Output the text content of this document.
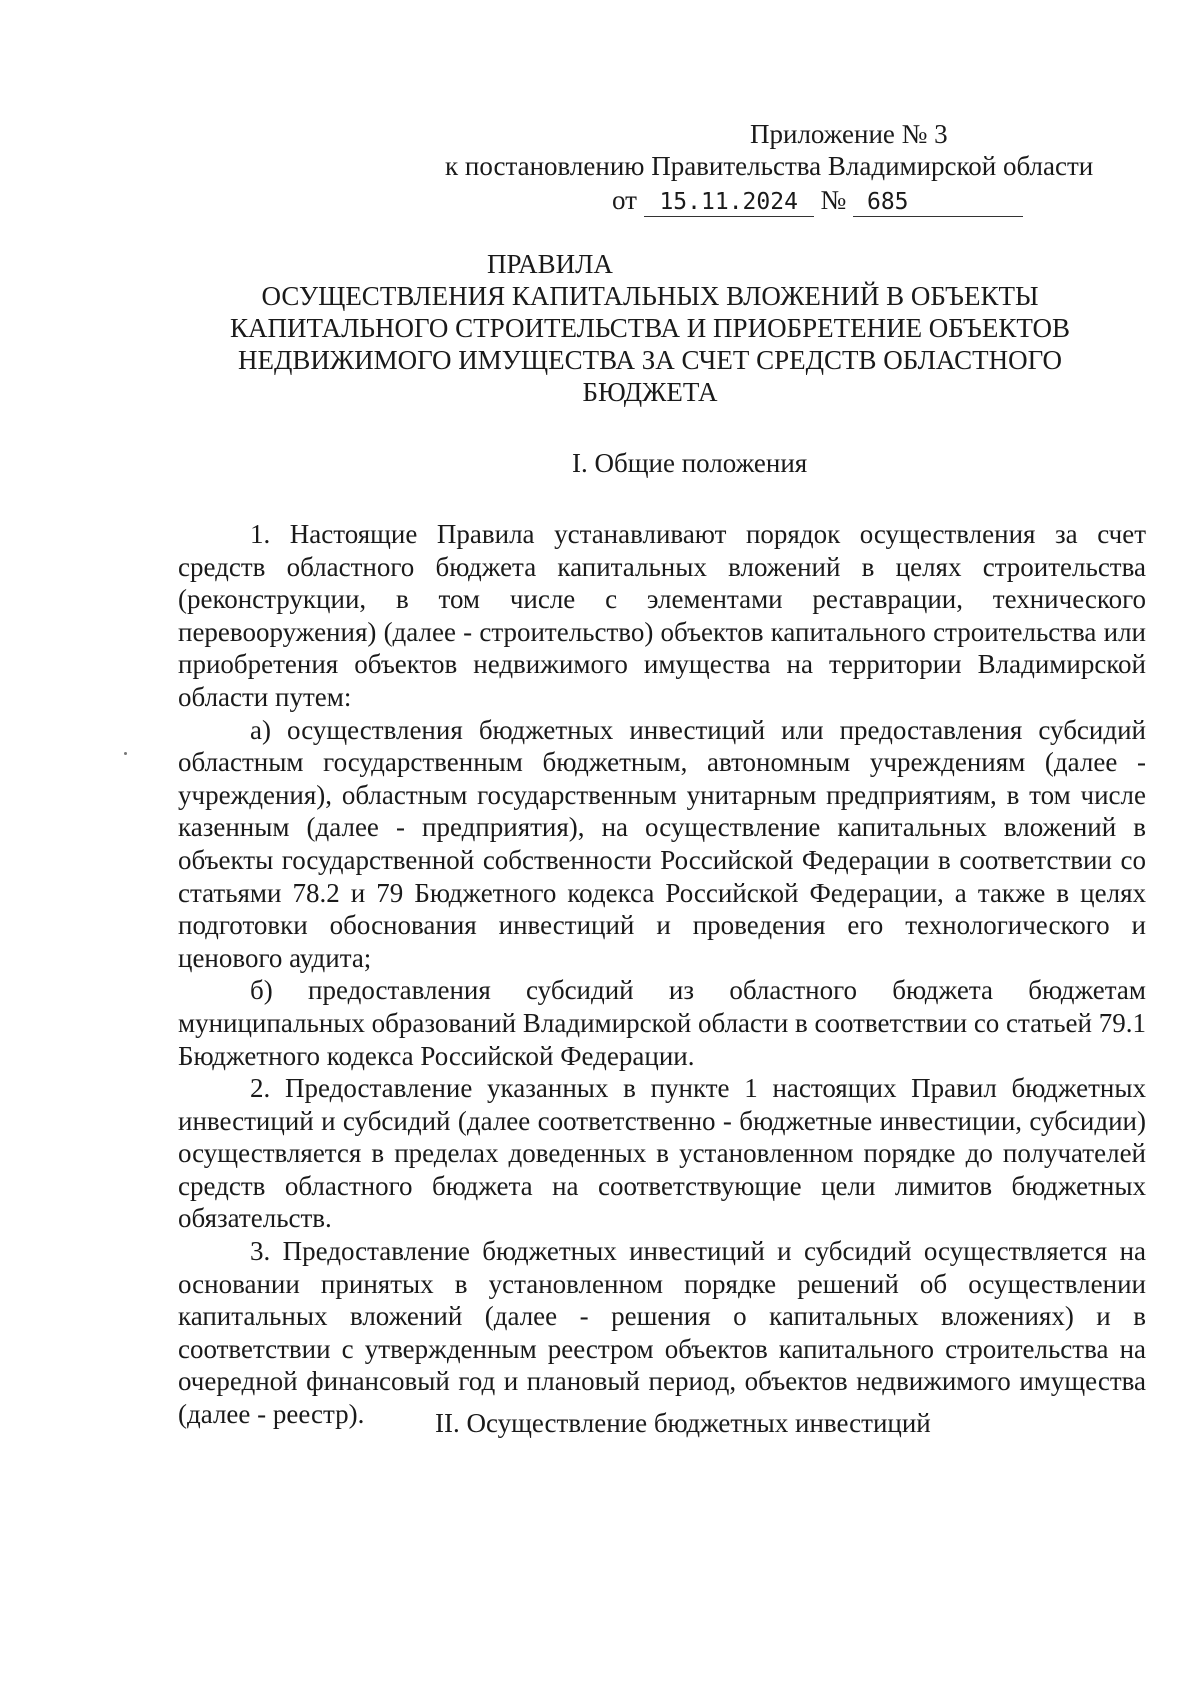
Приложение № 3
к постановлению Правительства Владимирской области
от 15.11.2024 № 685
ПРАВИЛА
ОСУЩЕСТВЛЕНИЯ КАПИТАЛЬНЫХ ВЛОЖЕНИЙ В ОБЪЕКТЫ КАПИТАЛЬНОГО СТРОИТЕЛЬСТВА И ПРИОБРЕТЕНИЕ ОБЪЕКТОВ НЕДВИЖИМОГО ИМУЩЕСТВА ЗА СЧЕТ СРЕДСТВ ОБЛАСТНОГО БЮДЖЕТА
I. Общие положения

1. Настоящие Правила устанавливают порядок осуществления за счет средств областного бюджета капитальных вложений в целях строительства (реконструкции, в том числе с элементами реставрации, технического перевооружения) (далее - строительство) объектов капитального строительства или приобретения объектов недвижимого имущества на территории Владимирской области путем:

а) осуществления бюджетных инвестиций или предоставления субсидий областным государственным бюджетным, автономным учреждениям (далее - учреждения), областным государственным унитарным предприятиям, в том числе казенным (далее - предприятия), на осуществление капитальных вложений в объекты государственной собственности Российской Федерации в соответствии со статьями 78.2 и 79 Бюджетного кодекса Российской Федерации, а также в целях подготовки обоснования инвестиций и проведения его технологического и ценового аудита;

б) предоставления субсидий из областного бюджета бюджетам муниципальных образований Владимирской области в соответствии со статьей 79.1 Бюджетного кодекса Российской Федерации.

2. Предоставление указанных в пункте 1 настоящих Правил бюджетных инвестиций и субсидий (далее соответственно - бюджетные инвестиции, субсидии) осуществляется в пределах доведенных в установленном порядке до получателей средств областного бюджета на соответствующие цели лимитов бюджетных обязательств.

3. Предоставление бюджетных инвестиций и субсидий осуществляется на основании принятых в установленном порядке решений об осуществлении капитальных вложений (далее - решения о капитальных вложениях) и в соответствии с утвержденным реестром объектов капитального строительства на очередной финансовый год и плановый период, объектов недвижимого имущества (далее - реестр).	II. Осуществление бюджетных инвестиций
